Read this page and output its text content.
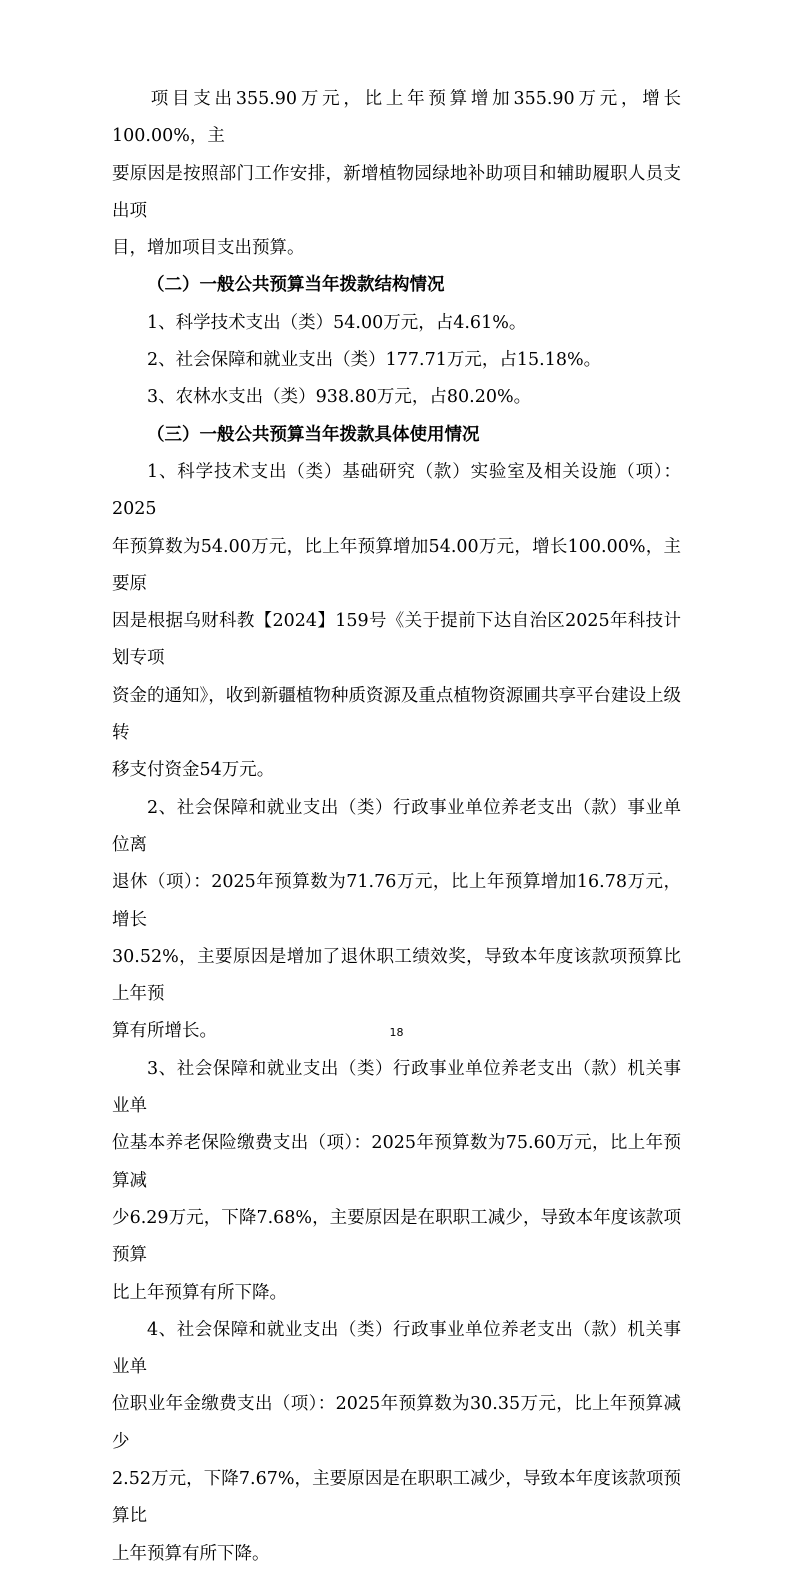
项目支出355.90万元，比上年预算增加355.90万元，增长100.00%，主
要原因是按照部门工作安排，新增植物园绿地补助项目和辅助履职人员支出项
目，增加项目支出预算。
（二）一般公共预算当年拨款结构情况
1、科学技术支出（类）54.00万元，占4.61%。
2、社会保障和就业支出（类）177.71万元，占15.18%。
3、农林水支出（类）938.80万元，占80.20%。
（三）一般公共预算当年拨款具体使用情况
1、科学技术支出（类）基础研究（款）实验室及相关设施（项）：2025
年预算数为54.00万元，比上年预算增加54.00万元，增长100.00%，主要原
因是根据乌财科教【2024】159号《关于提前下达自治区2025年科技计划专项
资金的通知》，收到新疆植物种质资源及重点植物资源圃共享平台建设上级转
移支付资金54万元。
2、社会保障和就业支出（类）行政事业单位养老支出（款）事业单位离
退休（项）：2025年预算数为71.76万元，比上年预算增加16.78万元，增长
30.52%，主要原因是增加了退休职工绩效奖，导致本年度该款项预算比上年预
算有所增长。
3、社会保障和就业支出（类）行政事业单位养老支出（款）机关事业单
位基本养老保险缴费支出（项）：2025年预算数为75.60万元，比上年预算减
少6.29万元，下降7.68%，主要原因是在职职工减少，导致本年度该款项预算
比上年预算有所下降。
4、社会保障和就业支出（类）行政事业单位养老支出（款）机关事业单
位职业年金缴费支出（项）：2025年预算数为30.35万元，比上年预算减少
2.52万元，下降7.67%，主要原因是在职职工减少，导致本年度该款项预算比
上年预算有所下降。
18
